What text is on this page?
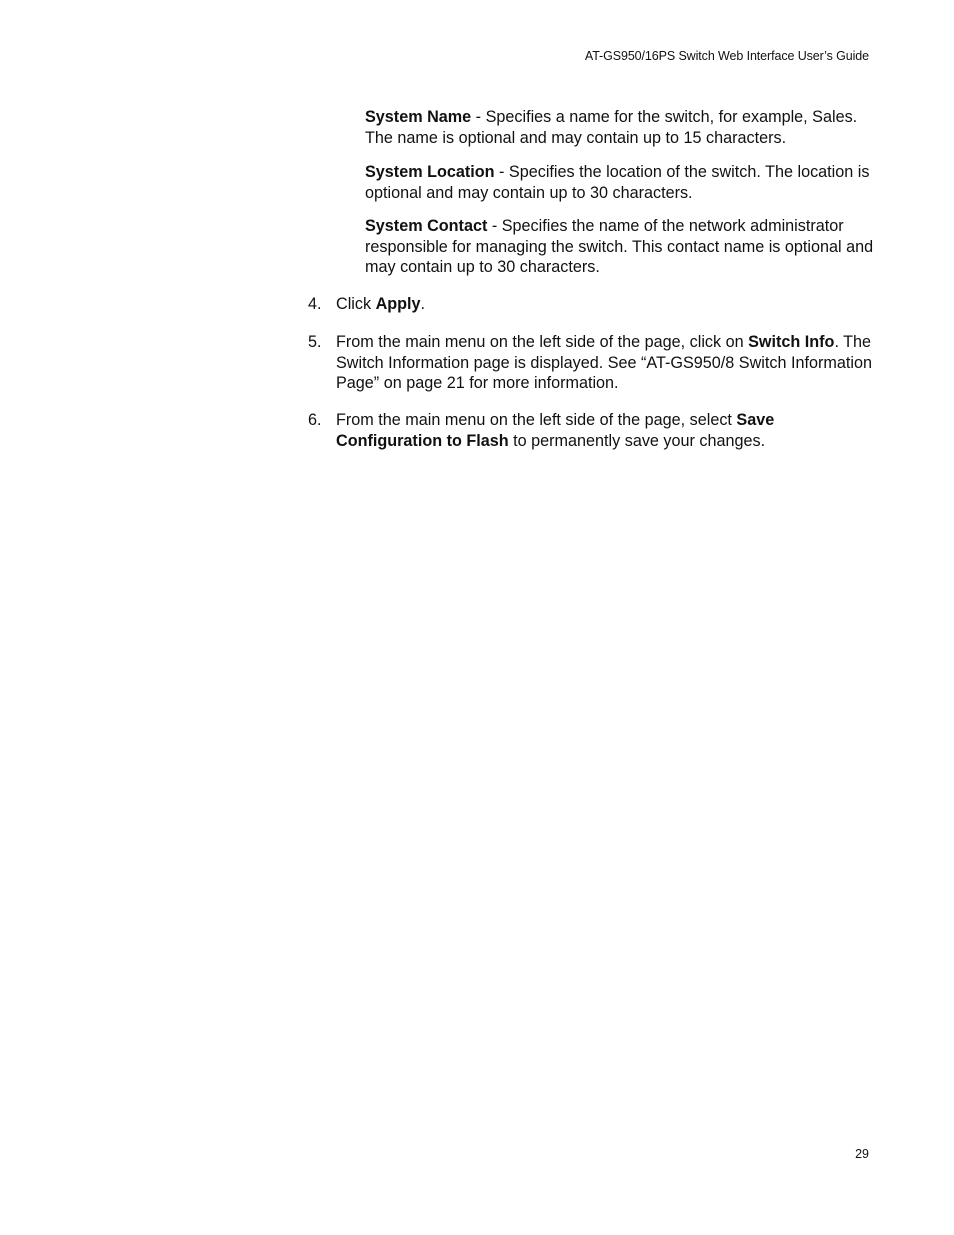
AT-GS950/16PS Switch Web Interface User’s Guide

System Name - Specifies a name for the switch, for example, Sales. The name is optional and may contain up to 15 characters.

System Location - Specifies the location of the switch. The location is optional and may contain up to 30 characters.

System Contact - Specifies the name of the network administrator responsible for managing the switch. This contact name is optional and may contain up to 30 characters.

4. Click Apply.
5. From the main menu on the left side of the page, click on Switch Info. The Switch Information page is displayed. See “AT-GS950/8 Switch Information Page” on page 21 for more information.
6. From the main menu on the left side of the page, select Save Configuration to Flash to permanently save your changes.
29
